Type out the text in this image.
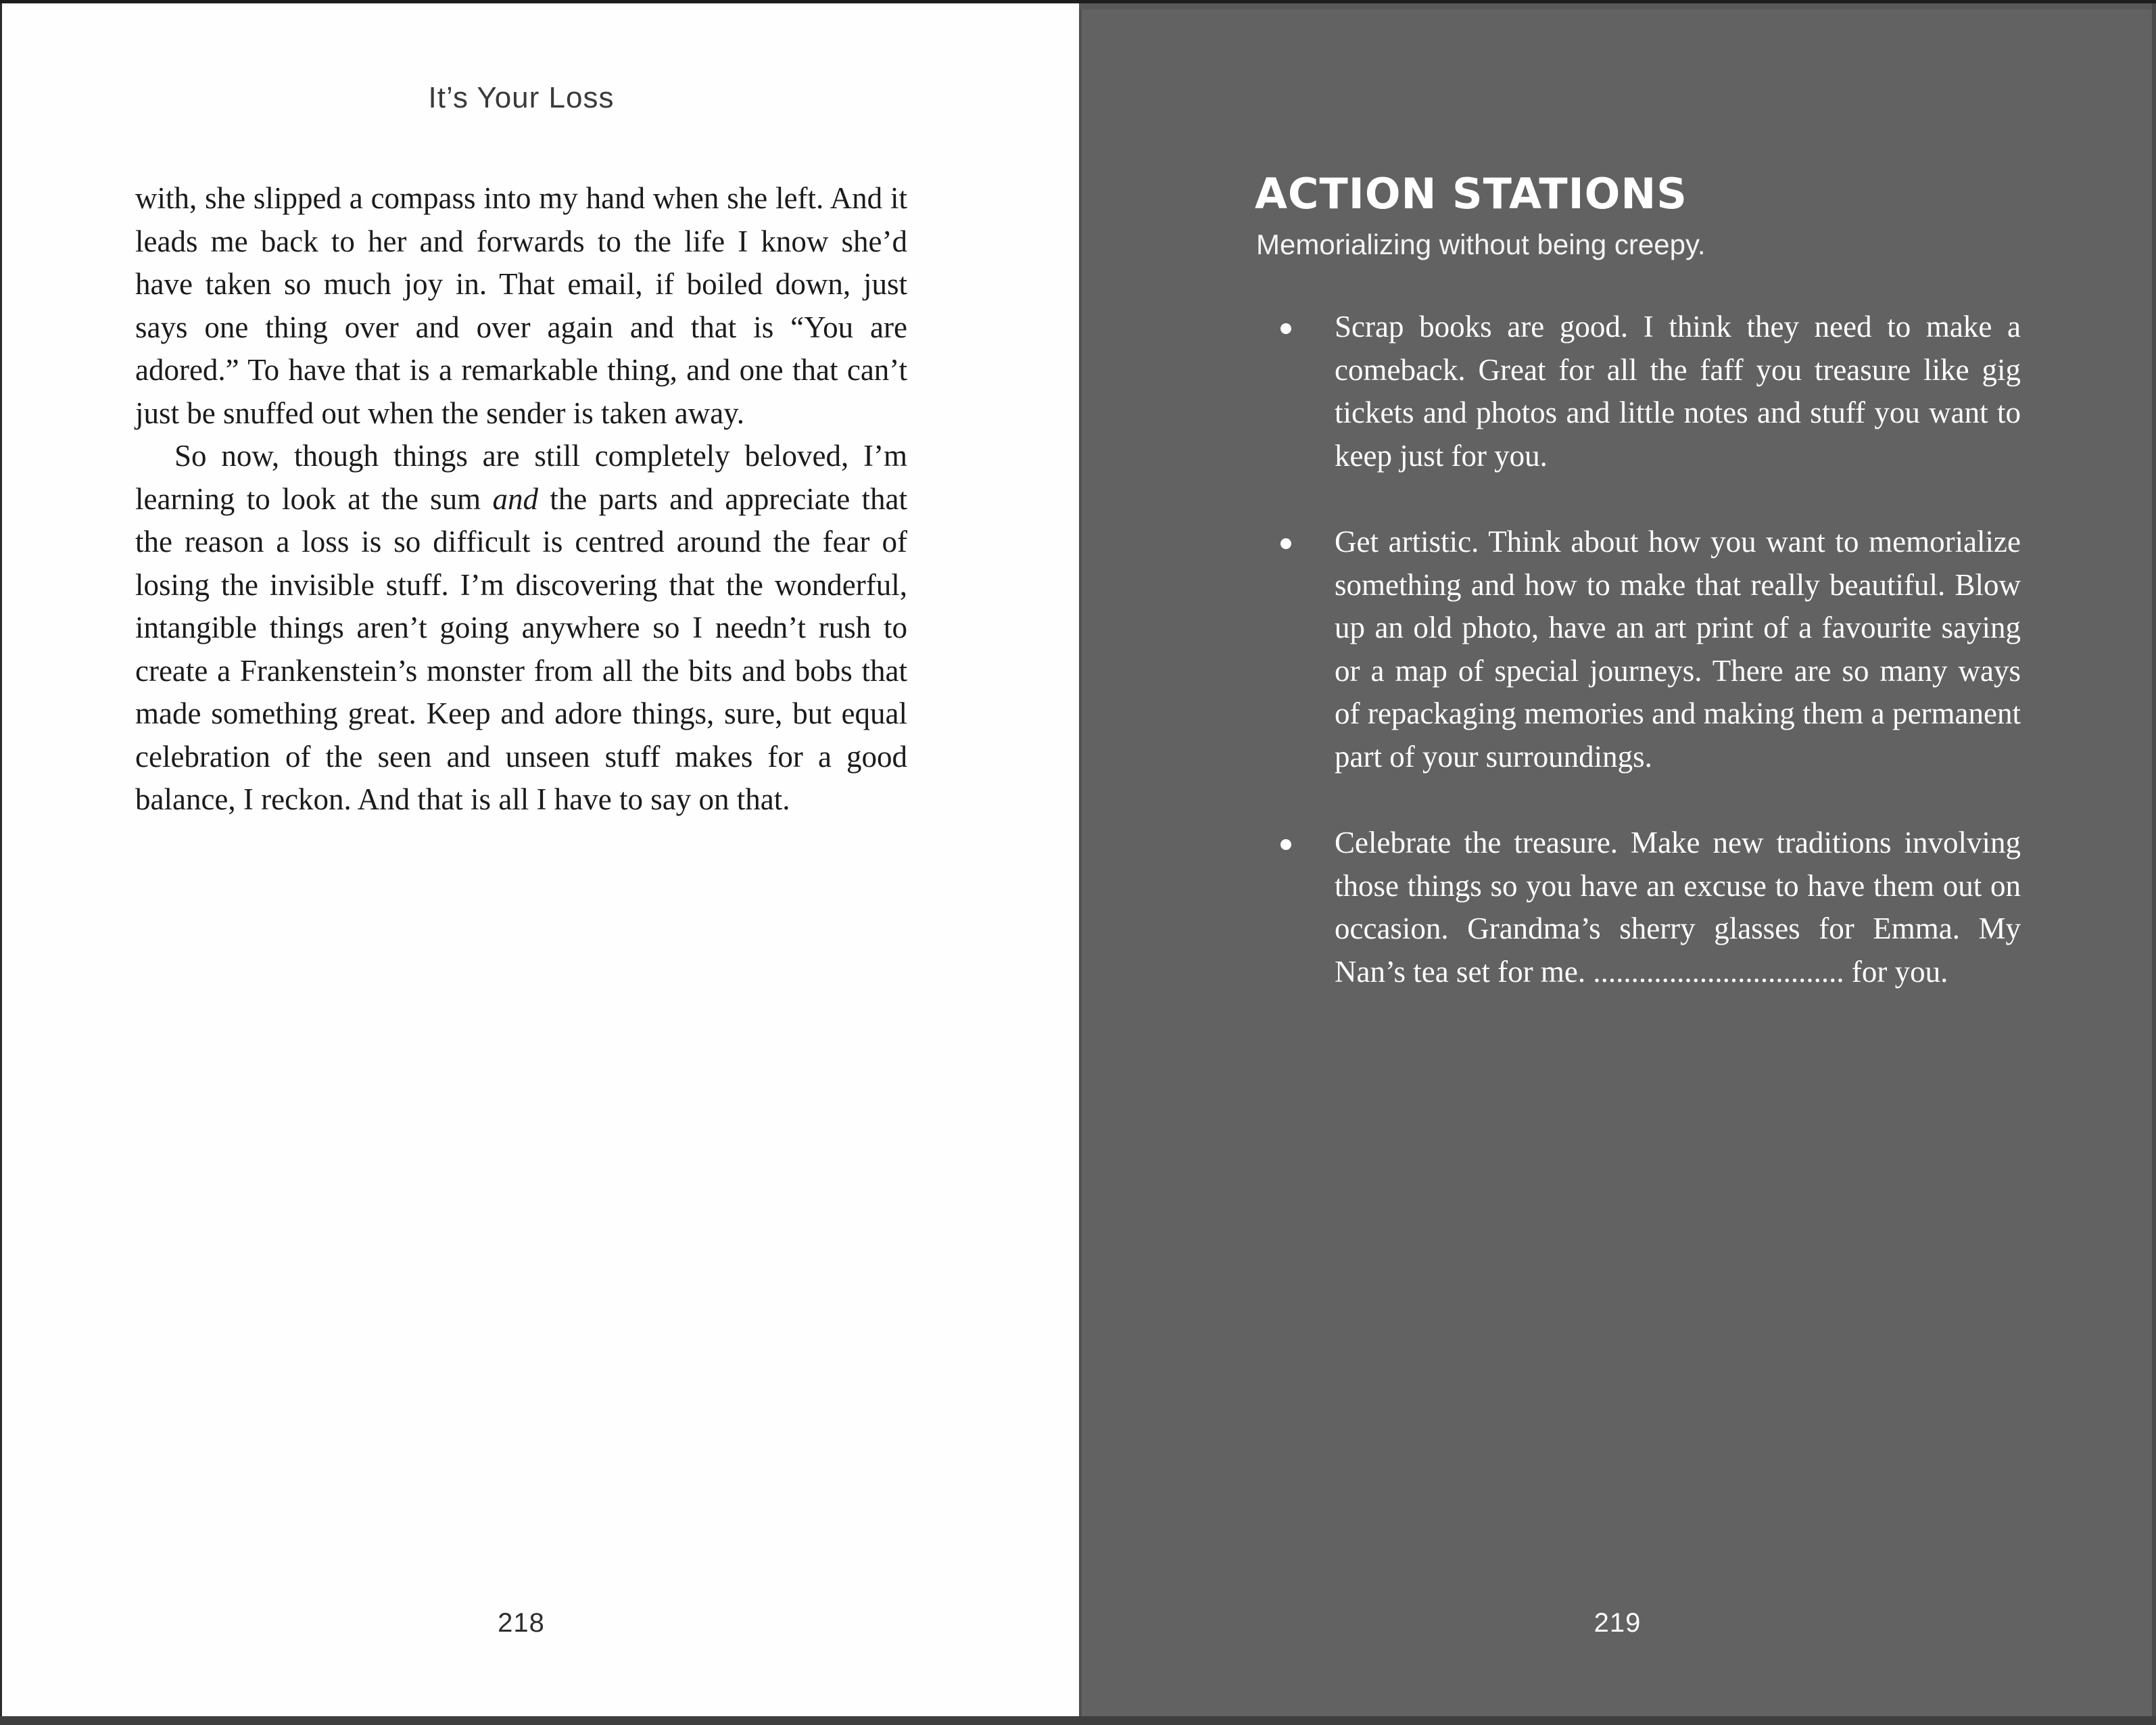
It’s Your Loss

with, she slipped a compass into my hand when she left. And it leads me back to her and forwards to the life I know she’d have taken so much joy in. That email, if boiled down, just says one thing over and over again and that is “You are adored.” To have that is a remarkable thing, and one that can’t just be snuffed out when the sender is taken away.

So now, though things are still completely beloved, I’m learning to look at the sum and the parts and appreciate that the reason a loss is so difficult is centred around the fear of losing the invisible stuff. I’m discovering that the wonderful, intangible things aren’t going anywhere so I needn’t rush to create a Frankenstein’s monster from all the bits and bobs that made something great. Keep and adore things, sure, but equal celebration of the seen and unseen stuff makes for a good balance, I reckon. And that is all I have to say on that.

218
ACTION STATIONS
Memorializing without being creepy.

Scrap books are good. I think they need to make a comeback. Great for all the faff you treasure like gig tickets and photos and little notes and stuff you want to keep just for you.

Get artistic. Think about how you want to memorialize something and how to make that really beautiful. Blow up an old photo, have an art print of a favourite saying or a map of special journeys. There are so many ways of repackaging memories and making them a permanent part of your surroundings.

Celebrate the treasure. Make new traditions involving those things so you have an excuse to have them out on occasion. Grandma’s sherry glasses for Emma. My Nan’s tea set for me. ................................. for you.

219
